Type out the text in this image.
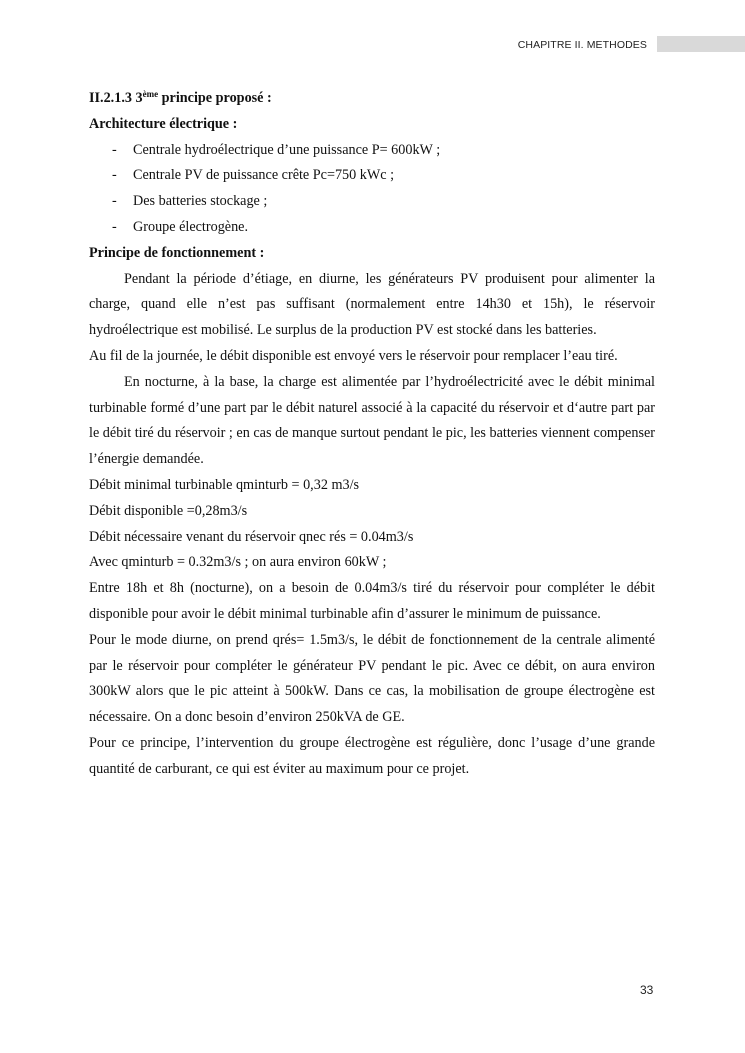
CHAPITRE II. METHODES

II.2.1.3 3ème principe proposé :

Architecture électrique :

- Centrale hydroélectrique d’une puissance P= 600kW ;

- Centrale PV de puissance crête Pc=750 kWc ;

- Des batteries stockage ;

- Groupe électrogène.

Principe de fonctionnement :

Pendant la période d’étiage, en diurne, les générateurs PV produisent pour alimenter la charge, quand elle n’est pas suffisant (normalement entre 14h30 et 15h), le réservoir hydroélectrique est mobilisé. Le surplus de la production PV est stocké dans les batteries.

Au fil de la journée, le débit disponible est envoyé vers le réservoir pour remplacer l’eau tiré.

En nocturne, à la base, la charge est alimentée par l’hydroélectricité avec le débit minimal turbinable formé d’une part par le débit naturel associé à la capacité du réservoir et d‘autre part par le débit tiré du réservoir ; en cas de manque surtout pendant le pic, les batteries viennent compenser l’énergie demandée.

Débit minimal turbinable qminturb = 0,32 m3/s

Débit disponible =0,28m3/s

Débit nécessaire venant du réservoir qnec rés = 0.04m3/s

Avec qminturb = 0.32m3/s ; on aura environ 60kW ;

Entre 18h et 8h (nocturne), on a besoin de 0.04m3/s tiré du réservoir pour compléter le débit disponible pour avoir le débit minimal turbinable afin d’assurer le minimum de puissance.

Pour le mode diurne, on prend qrés= 1.5m3/s, le débit de fonctionnement de la centrale alimenté par le réservoir pour compléter le générateur PV pendant le pic. Avec ce débit, on aura environ 300kW alors que le pic atteint à 500kW. Dans ce cas, la mobilisation de groupe électrogène est nécessaire. On a donc besoin d’environ 250kVA de GE.

Pour ce principe, l’intervention du groupe électrogène est régulière, donc l’usage d’une grande quantité de carburant, ce qui est éviter au maximum pour ce projet.

33
